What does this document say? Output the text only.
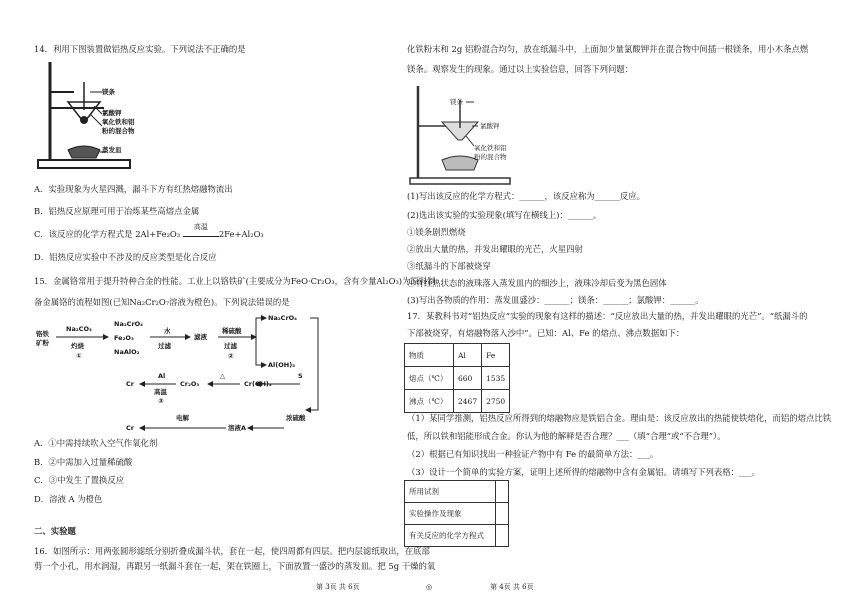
14．利用下图装置做铝热反应实验。下列说法不正确的是
镁条
氯酸钾
氧化铁和铝
粉的混合物
蒸发皿
A．实验现象为火星四溅，漏斗下方有红热熔融物流出
B．铝热反应原理可用于冶炼某些高熔点金属
C．该反应的化学方程式是 2Al+Fe₂O₃
高温
2Fe+Al₂O₃
D．铝热反应实验中不涉及的反应类型是化合反应
15．金属铬常用于提升特种合金的性能。工业上以铬铁矿(主要成分为FeO·Cr₂O₃，含有少量Al₂O₃)为原料制
备金属铬的流程如图(已知Na₂Cr₂O₇溶液为橙色)。下列说法错误的是
铬铁
矿粉
Na₂CO₃
灼烧
①
Na₂CrO₄
Fe₂O₃
NaAlO₂
水
过滤
滤液
稀硫酸
过滤
②
Na₂CrO₄
Al(OH)₃
Cr
Al
高温
③
Cr₂O₃
△
Cr(OH)₃
S
Cr
电解
溶液A
浓硫酸
A．①中需持续吹入空气作氧化剂
B．②中需加入过量稀硫酸
C．③中发生了置换反应
D．溶液 A 为橙色
二、实验题
16．如图所示：用两张圆形滤纸分别折叠成漏斗状，套在一起，使四周都有四层。把内层滤纸取出，在底部
剪一个小孔，用水润湿，再跟另一纸漏斗套在一起，架在铁圈上，下面放置一盛沙的蒸发皿。把 5g 干燥的氧
化铁粉末和 2g 铝粉混合均匀，放在纸漏斗中，上面加少量氯酸钾并在混合物中间插一根镁条，用小木条点燃
镁条。观察发生的现象。通过以上实验信息，回答下列问题：
镁条
氯酸钾
氧化铁和铝
粉的混合物
(1)写出该反应的化学方程式：______，该反应称为______反应。
(2)选出该实验的实验现象(填写在横线上)：______。
①镁条剧烈燃烧
②放出大量的热，并发出耀眼的光芒，火星四射
③纸漏斗的下部被烧穿
④有红热状态的液珠落入蒸发皿内的细沙上，液珠冷却后变为黑色固体
(3)写出各物质的作用：蒸发皿盛沙：______；镁条：______；氯酸钾：______。
17．某教科书对“铝热反应”实验的现象有这样的描述：“反应放出大量的热，并发出耀眼的光芒”。“纸漏斗的
下部被烧穿，有熔融物落入沙中”。已知：Al、Fe 的熔点、沸点数据如下：
物质	Al	Fe
熔点（℃）	660	1535
沸点（℃）	2467	2750
（1）某同学推测，铝热反应所得到的熔融物应是铁铝合金。理由是：该反应放出的热能使铁熔化，而铝的熔点比铁
低，所以铁和铝能形成合金。你认为他的解释是否合理？___（填“合理”或“不合理”）。
（2）根据已有知识找出一种验证产物中有 Fe 的最简单方法：___。
（3）设计一个简单的实验方案，证明上述所得的熔融物中含有金属铝。请填写下列表格：___。
所用试剂	
实验操作及现象	
有关反应的化学方程式	
第 3页 共 6页	◎	第 4页 共 6页
